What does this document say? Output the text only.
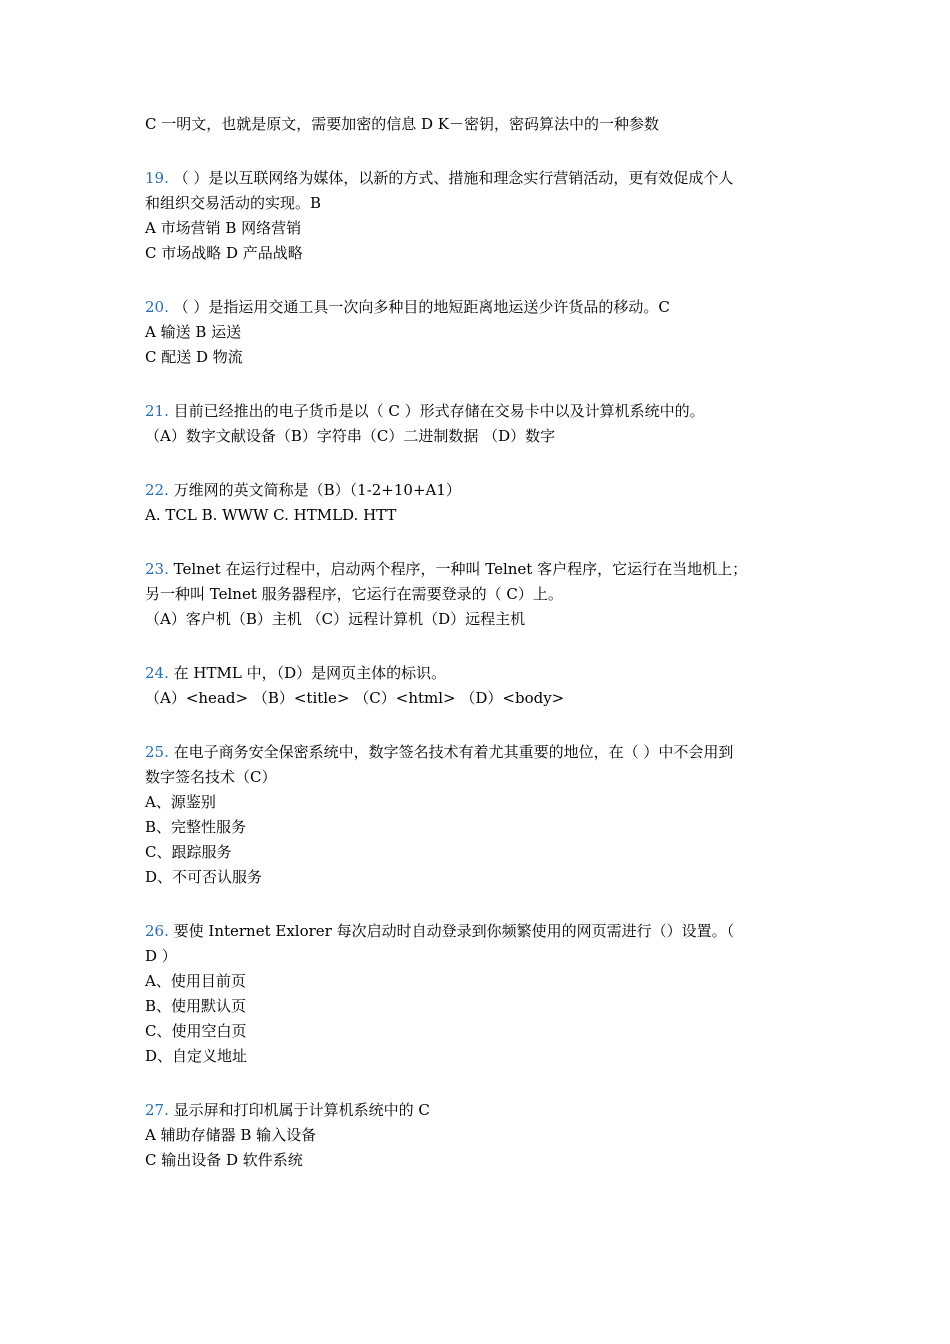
C 一明文，也就是原文，需要加密的信息 D K－密钥，密码算法中的一种参数
19. （ ）是以互联网络为媒体，以新的方式、措施和理念实行营销活动，更有效促成个人
和组织交易活动的实现。B
A 市场营销 B 网络营销
C 市场战略 D 产品战略
20. （ ）是指运用交通工具一次向多种目的地短距离地运送少许货品的移动。C
A 输送 B 运送
C 配送 D 物流
21. 目前已经推出的电子货币是以（ C ）形式存储在交易卡中以及计算机系统中的。
（A）数字文献设备（B）字符串（C）二进制数据 （D）数字
22. 万维网的英文简称是（B）（1-2+10+A1）
A. TCL B. WWW C. HTMLD. HTT
23. Telnet 在运行过程中，启动两个程序，一种叫 Telnet 客户程序，它运行在当地机上；
另一种叫 Telnet 服务器程序，它运行在需要登录的（ C）上。
（A）客户机（B）主机 （C）远程计算机（D）远程主机
24. 在 HTML 中，（D）是网页主体的标识。
（A）<head> （B）<title> （C）<html> （D）<body>
25. 在电子商务安全保密系统中，数字签名技术有着尤其重要的地位，在（ ）中不会用到
数字签名技术（C）
A、源鉴别
B、完整性服务
C、跟踪服务
D、不可否认服务
26. 要使 Internet Exlorer 每次启动时自动登录到你频繁使用的网页需进行（）设置。（
D ）
A、使用目前页
B、使用默认页
C、使用空白页
D、自定义地址
27. 显示屏和打印机属于计算机系统中的 C
A 辅助存储器 B 输入设备
C 输出设备 D 软件系统
